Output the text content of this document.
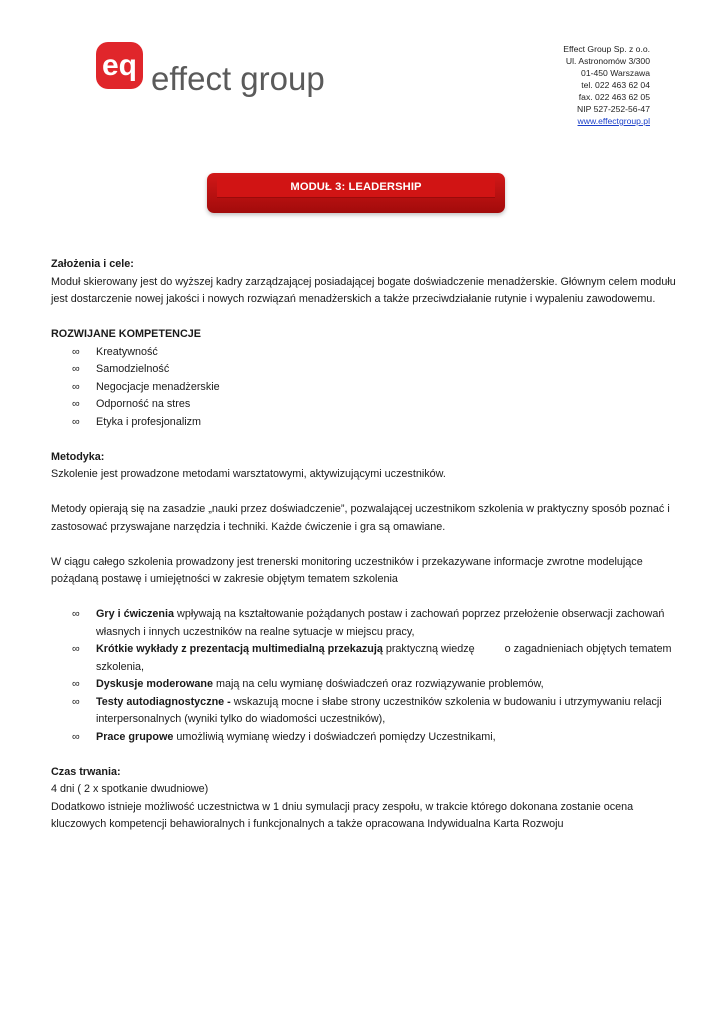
eq effect group
Effect Group Sp. z o.o.
Ul. Astronomów 3/300
01-450 Warszawa
tel. 022 463 62 04
fax. 022 463 62 05
NIP 527-252-56-47
www.effectgroup.pl
MODUŁ 3: LEADERSHIP

Założenia i cele:

Moduł skierowany jest do wyższej kadry zarządzającej posiadającej bogate doświadczenie menadżerskie. Głównym celem modułu jest dostarczenie nowej jakości i nowych rozwiązań menadżerskich a także przeciwdziałanie rutynie i wypaleniu zawodowemu.

ROZWIJANE KOMPETENCJE

∞ Kreatywność
∞ Samodzielność
∞ Negocjacje menadżerskie
∞ Odporność na stres
∞ Etyka i profesjonalizm

Metodyka:

Szkolenie jest prowadzone metodami warsztatowymi, aktywizującymi uczestników.

Metody opierają się na zasadzie „nauki przez doświadczenie”, pozwalającej uczestnikom szkolenia w praktyczny sposób poznać i zastosować przyswajane narzędzia i techniki. Każde ćwiczenie i gra są omawiane.

W ciągu całego szkolenia prowadzony jest trenerski monitoring uczestników i przekazywane informacje zwrotne modelujące pożądaną postawę i umiejętności w zakresie objętym tematem szkolenia

∞ Gry i ćwiczenia wpływają na kształtowanie pożądanych postaw i zachowań poprzez przełożenie obserwacji zachowań własnych i innych uczestników na realne sytuacje w miejscu pracy,
∞ Krótkie wykłady z prezentacją multimedialną przekazują praktyczną wiedzę          o zagadnieniach objętych tematem szkolenia,
∞ Dyskusje moderowane mają na celu wymianę doświadczeń oraz rozwiązywanie problemów,
∞ Testy autodiagnostyczne - wskazują mocne i słabe strony uczestników szkolenia w budowaniu i utrzymywaniu relacji interpersonalnych (wyniki tylko do wiadomości uczestników),
∞ Prace grupowe umożliwią wymianę wiedzy i doświadczeń pomiędzy Uczestnikami,

Czas trwania:

4 dni ( 2 x spotkanie dwudniowe)

Dodatkowo istnieje możliwość uczestnictwa w 1 dniu symulacji pracy zespołu, w trakcie którego dokonana zostanie ocena kluczowych kompetencji behawioralnych i funkcjonalnych a także opracowana Indywidualna Karta Rozwoju
